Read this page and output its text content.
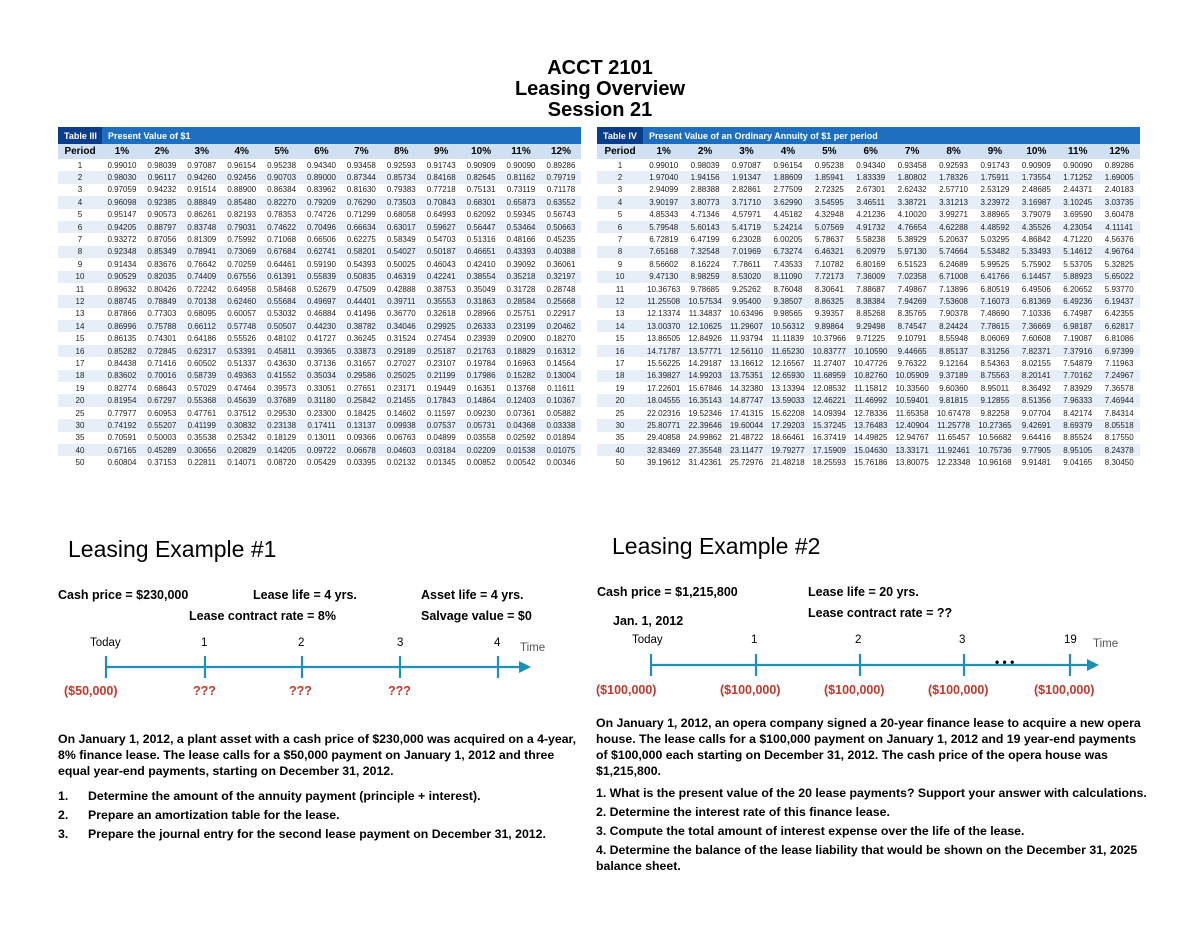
ACCT 2101
Leasing Overview
Session 21
Table III	Present Value of $1											
Period	1%	2%	3%	4%	5%	6%	7%	8%	9%	10%	11%	12%
1	0.99010	0.98039	0.97087	0.96154	0.95238	0.94340	0.93458	0.92593	0.91743	0.90909	0.90090	0.89286
2	0.98030	0.96117	0.94260	0.92456	0.90703	0.89000	0.87344	0.85734	0.84168	0.82645	0.81162	0.79719
3	0.97059	0.94232	0.91514	0.88900	0.86384	0.83962	0.81630	0.79383	0.77218	0.75131	0.73119	0.71178
4	0.96098	0.92385	0.88849	0.85480	0.82270	0.79209	0.76290	0.73503	0.70843	0.68301	0.65873	0.63552
5	0.95147	0.90573	0.86261	0.82193	0.78353	0.74726	0.71299	0.68058	0.64993	0.62092	0.59345	0.56743
6	0.94205	0.88797	0.83748	0.79031	0.74622	0.70496	0.66634	0.63017	0.59627	0.56447	0.53464	0.50663
7	0.93272	0.87056	0.81309	0.75992	0.71068	0.66506	0.62275	0.58349	0.54703	0.51316	0.48166	0.45235
8	0.92348	0.85349	0.78941	0.73069	0.67684	0.62741	0.58201	0.54027	0.50187	0.46651	0.43393	0.40388
9	0.91434	0.83676	0.76642	0.70259	0.64461	0.59190	0.54393	0.50025	0.46043	0.42410	0.39092	0.36061
10	0.90529	0.82035	0.74409	0.67556	0.61391	0.55839	0.50835	0.46319	0.42241	0.38554	0.35218	0.32197
11	0.89632	0.80426	0.72242	0.64958	0.58468	0.52679	0.47509	0.42888	0.38753	0.35049	0.31728	0.28748
12	0.88745	0.78849	0.70138	0.62460	0.55684	0.49697	0.44401	0.39711	0.35553	0.31863	0.28584	0.25668
13	0.87866	0.77303	0.68095	0.60057	0.53032	0.46884	0.41496	0.36770	0.32618	0.28966	0.25751	0.22917
14	0.86996	0.75788	0.66112	0.57748	0.50507	0.44230	0.38782	0.34046	0.29925	0.26333	0.23199	0.20462
15	0.86135	0.74301	0.64186	0.55526	0.48102	0.41727	0.36245	0.31524	0.27454	0.23939	0.20900	0.18270
16	0.85282	0.72845	0.62317	0.53391	0.45811	0.39365	0.33873	0.29189	0.25187	0.21763	0.18829	0.16312
17	0.84438	0.71416	0.60502	0.51337	0.43630	0.37136	0.31657	0.27027	0.23107	0.19784	0.16963	0.14564
18	0.83602	0.70016	0.58739	0.49363	0.41552	0.35034	0.29586	0.25025	0.21199	0.17986	0.15282	0.13004
19	0.82774	0.68643	0.57029	0.47464	0.39573	0.33051	0.27651	0.23171	0.19449	0.16351	0.13768	0.11611
20	0.81954	0.67297	0.55368	0.45639	0.37689	0.31180	0.25842	0.21455	0.17843	0.14864	0.12403	0.10367
25	0.77977	0.60953	0.47761	0.37512	0.29530	0.23300	0.18425	0.14602	0.11597	0.09230	0.07361	0.05882
30	0.74192	0.55207	0.41199	0.30832	0.23138	0.17411	0.13137	0.09938	0.07537	0.05731	0.04368	0.03338
35	0.70591	0.50003	0.35538	0.25342	0.18129	0.13011	0.09366	0.06763	0.04899	0.03558	0.02592	0.01894
40	0.67165	0.45289	0.30656	0.20829	0.14205	0.09722	0.06678	0.04603	0.03184	0.02209	0.01538	0.01075
50	0.60804	0.37153	0.22811	0.14071	0.08720	0.05429	0.03395	0.02132	0.01345	0.00852	0.00542	0.00346
Table IV	Present Value of an Ordinary Annuity of $1 per period											
Period	1%	2%	3%	4%	5%	6%	7%	8%	9%	10%	11%	12%
1	0.99010	0.98039	0.97087	0.96154	0.95238	0.94340	0.93458	0.92593	0.91743	0.90909	0.90090	0.89286
2	1.97040	1.94156	1.91347	1.88609	1.85941	1.83339	1.80802	1.78326	1.75911	1.73554	1.71252	1.69005
3	2.94099	2.88388	2.82861	2.77509	2.72325	2.67301	2.62432	2.57710	2.53129	2.48685	2.44371	2.40183
4	3.90197	3.80773	3.71710	3.62990	3.54595	3.46511	3.38721	3.31213	3.23972	3.16987	3.10245	3.03735
5	4.85343	4.71346	4.57971	4.45182	4.32948	4.21236	4.10020	3.99271	3.88965	3.79079	3.69590	3.60478
6	5.79548	5.60143	5.41719	5.24214	5.07569	4.91732	4.76654	4.62288	4.48592	4.35526	4.23054	4.11141
7	6.72819	6.47199	6.23028	6.00205	5.78637	5.58238	5.38929	5.20637	5.03295	4.86842	4.71220	4.56376
8	7.65168	7.32548	7.01969	6.73274	6.46321	6.20979	5.97130	5.74664	5.53482	5.33493	5.14612	4.96764
9	8.56602	8.16224	7.78611	7.43533	7.10782	6.80169	6.51523	6.24689	5.99525	5.75902	5.53705	5.32825
10	9.47130	8.98259	8.53020	8.11090	7.72173	7.36009	7.02358	6.71008	6.41766	6.14457	5.88923	5.65022
11	10.36763	9.78685	9.25262	8.76048	8.30641	7.88687	7.49867	7.13896	6.80519	6.49506	6.20652	5.93770
12	11.25508	10.57534	9.95400	9.38507	8.86325	8.38384	7.94269	7.53608	7.16073	6.81369	6.49236	6.19437
13	12.13374	11.34837	10.63496	9.98565	9.39357	8.85268	8.35765	7.90378	7.48690	7.10336	6.74987	6.42355
14	13.00370	12.10625	11.29607	10.56312	9.89864	9.29498	8.74547	8.24424	7.78615	7.36669	6.98187	6.62817
15	13.86505	12.84926	11.93794	11.11839	10.37966	9.71225	9.10791	8.55948	8.06069	7.60608	7.19087	6.81086
16	14.71787	13.57771	12.56110	11.65230	10.83777	10.10590	9.44665	8.85137	8.31256	7.82371	7.37916	6.97399
17	15.56225	14.29187	13.16612	12.16567	11.27407	10.47726	9.76322	9.12164	8.54363	8.02155	7.54879	7.11963
18	16.39827	14.99203	13.75351	12.65930	11.68959	10.82760	10.05909	9.37189	8.75563	8.20141	7.70162	7.24967
19	17.22601	15.67846	14.32380	13.13394	12.08532	11.15812	10.33560	9.60360	8.95011	8.36492	7.83929	7.36578
20	18.04555	16.35143	14.87747	13.59033	12.46221	11.46992	10.59401	9.81815	9.12855	8.51356	7.96333	7.46944
25	22.02316	19.52346	17.41315	15.62208	14.09394	12.78336	11.65358	10.67478	9.82258	9.07704	8.42174	7.84314
30	25.80771	22.39646	19.60044	17.29203	15.37245	13.76483	12.40904	11.25778	10.27365	9.42691	8.69379	8.05518
35	29.40858	24.99862	21.48722	18.66461	16.37419	14.49825	12.94767	11.65457	10.56682	9.64416	8.85524	8.17550
40	32.83469	27.35548	23.11477	19.79277	17.15909	15.04630	13.33171	11.92461	10.75736	9.77905	8.95105	8.24378
50	39.19612	31.42361	25.72976	21.48218	18.25593	15.76186	13.80075	12.23348	10.96168	9.91481	9.04165	8.30450
Leasing Example #1
Cash price = $230,000	Lease life = 4 yrs.
Lease contract rate = 8%
Asset life = 4 yrs.
Salvage value = $0
Today	1	2	3	4 Time
($50,000)	???	???	???

On January 1, 2012, a plant asset with a cash price of $230,000 was acquired on a 4-year, 8% finance lease. The lease calls for a $50,000 payment on January 1, 2012 and three equal year-end payments, starting on December 31, 2012.

1. Determine the amount of the annuity payment (principle + interest).
2. Prepare an amortization table for the lease.
3. Prepare the journal entry for the second lease payment on December 31, 2012.
Leasing Example #2
Cash price = $1,215,800	Lease life = 20 yrs.
Lease contract rate = ??
Jan. 1, 2012
Today	1	2	3	19 Time
• • •
($100,000)	($100,000)	($100,000)	($100,000)	($100,000)

On January 1, 2012, an opera company signed a 20-year finance lease to acquire a new opera house. The lease calls for a $100,000 payment on January 1, 2012 and 19 year-end payments of $100,000 each starting on December 31, 2012. The cash price of the opera house was $1,215,800.

1. What is the present value of the 20 lease payments? Support your answer with calculations.
2. Determine the interest rate of this finance lease.
3. Compute the total amount of interest expense over the life of the lease.
4. Determine the balance of the lease liability that would be shown on the December 31, 2025 balance sheet.
